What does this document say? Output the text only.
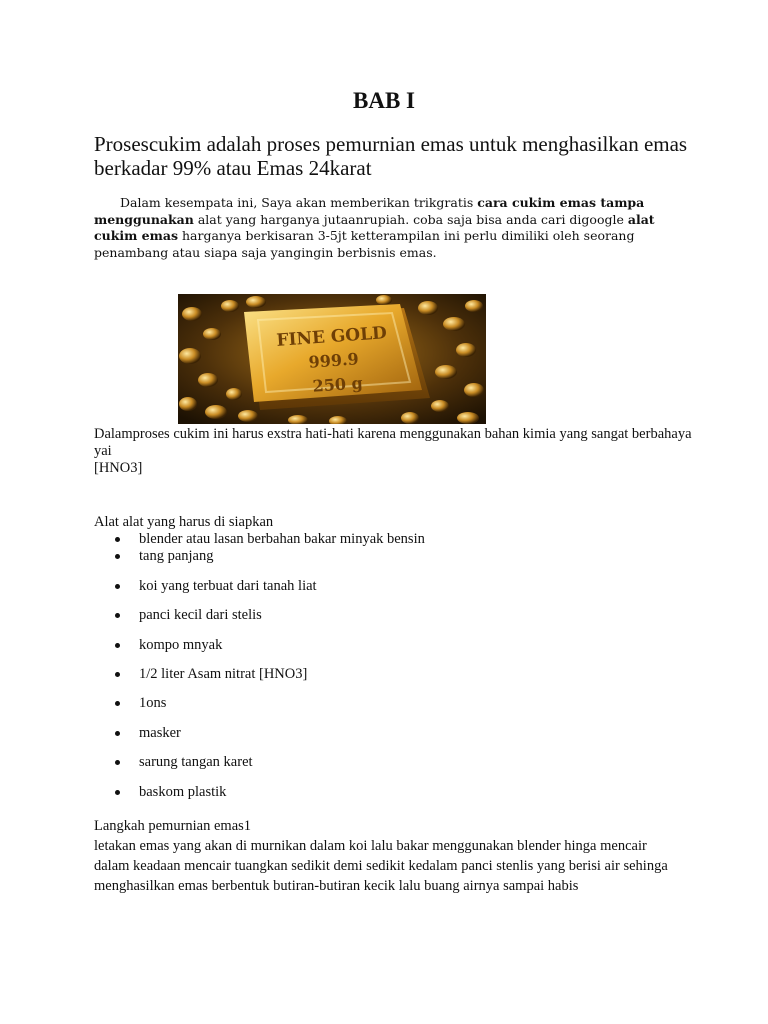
BAB I
Prosescukim adalah proses pemurnian emas untuk menghasilkan emas berkadar 99% atau Emas 24karat

Dalam kesempata ini, Saya akan memberikan trikgratis cara cukim emas tampa menggunakan alat yang harganya jutaanrupiah. coba saja bisa anda cari digoogle alat cukim emas harganya berkisaran 3-5jt ketterampilan ini perlu dimiliki oleh seorang penambang atau siapa saja yangingin berbisnis emas.

FINE GOLD
999.9
250 g

Dalamproses cukim ini harus exstra hati-hati karena menggunakan bahan kimia yang sangat berbahaya yai
[HNO3]

Alat alat yang harus di siapkan

blender atau lasan berbahan bakar minyak bensin
tang panjang
koi yang terbuat dari tanah liat
panci kecil dari stelis
kompo mnyak
1/2 liter Asam nitrat [HNO3]
1ons
masker
sarung tangan karet
baskom plastik

Langkah pemurnian emas1

letakan emas yang akan di murnikan dalam koi lalu bakar menggunakan blender hinga mencair dalam keadaan mencair tuangkan sedikit demi sedikit kedalam panci stenlis yang berisi air sehinga menghasilkan emas berbentuk butiran-butiran kecik lalu buang airnya sampai habis
